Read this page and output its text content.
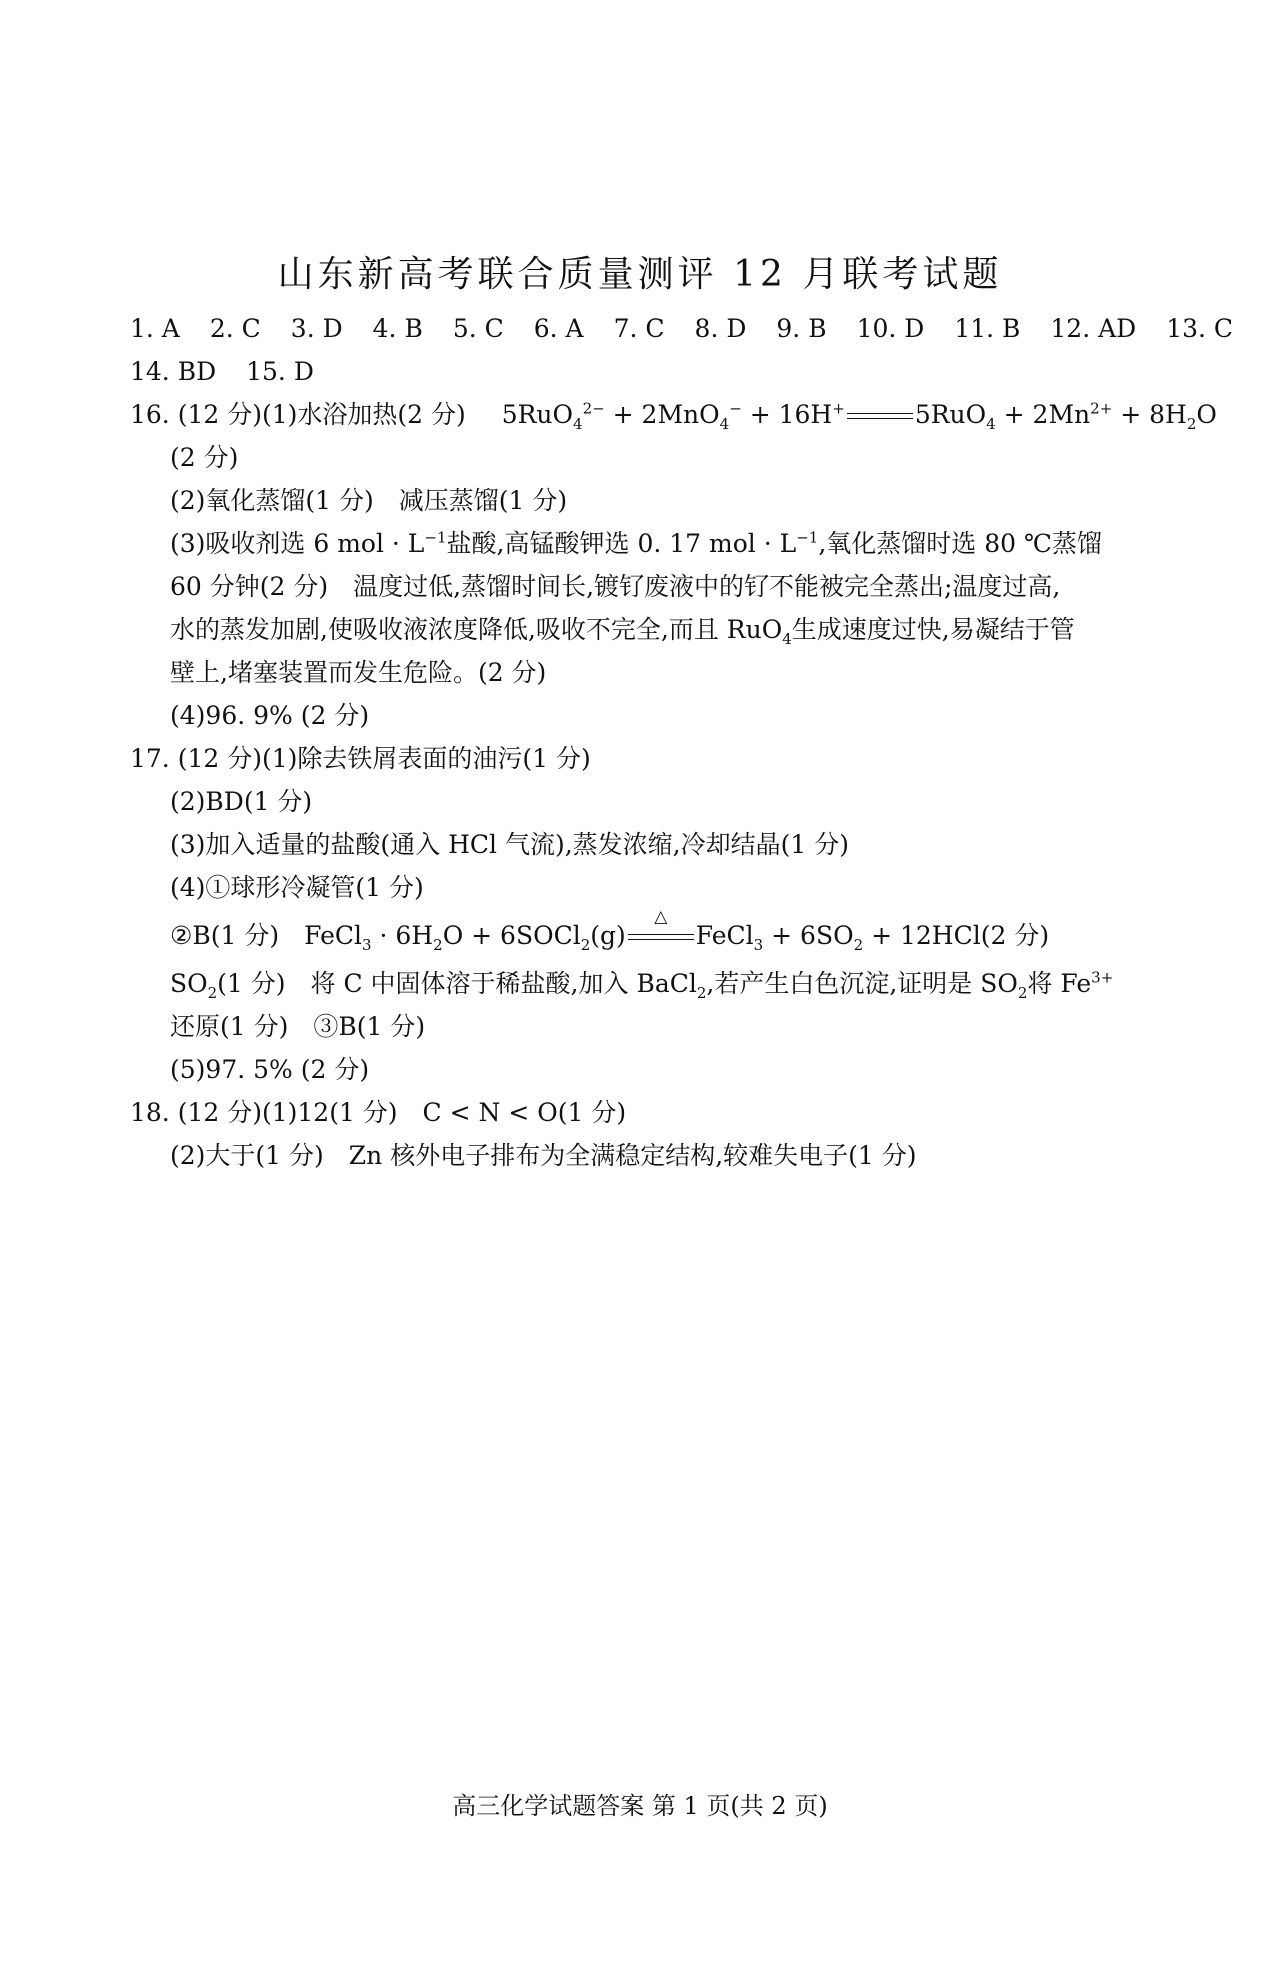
山东新高考联合质量测评 12 月联考试题
1. A 2. C 3. D 4. B 5. C 6. A 7. C 8. D 9. B 10. D 11. B 12. AD 13. C
14. BD 15. D
16. (12 分)(1)水浴加热(2 分) 5RuO$_4^{2-}$ + 2MnO$_4$− + 16H+	$5RuO_4 + 2Mn^{2+} + 8H_2O$
(2 分)
(2)氧化蒸馏(1 分)　减压蒸馏(1 分)
(3)吸收剂选 6 mol · $L^{-1}$盐酸,高锰酸钾选 0. 17 mol · $L^{-1}$,氧化蒸馏时选 80 ℃蒸馏
60 分钟(2 分)　温度过低,蒸馏时间长,镀钌废液中的钌不能被完全蒸出;温度过高,
水的蒸发加剧,使吸收液浓度降低,吸收不完全,而且 RuO$_4$生成速度过快,易凝结于管
壁上,堵塞装置而发生危险。(2 分)
(4)96. 9% (2 分)
17. (12 分)(1)除去铁屑表面的油污(1 分)
(2)BD(1 分)
(3)加入适量的盐酸(通入 HCl 气流),蒸发浓缩,冷却结晶(1 分)
(4)①球形冷凝管(1 分)
②B(1 分)　FeCl$_3$ · $6H_2O$ + 6SOCl$_2$(g)
△
FeCl$_3$ + $6SO_2 + 12HCl(2$ 分)
$SO_2(1$ 分)　将 C 中固体溶于稀盐酸,加入 BaCl$_2$,若产生白色沉淀,证明是 $SO_2$将 $Fe^{3+}$
还原(1 分)　③B(1 分)
(5)97. 5% (2 分)
18. (12 分)(1)12(1 分)　C < N < O(1 分)
(2)大于(1 分)　Zn 核外电子排布为全满稳定结构,较难失电子(1 分)
高三化学试题答案 第 1 页(共 2 页)
